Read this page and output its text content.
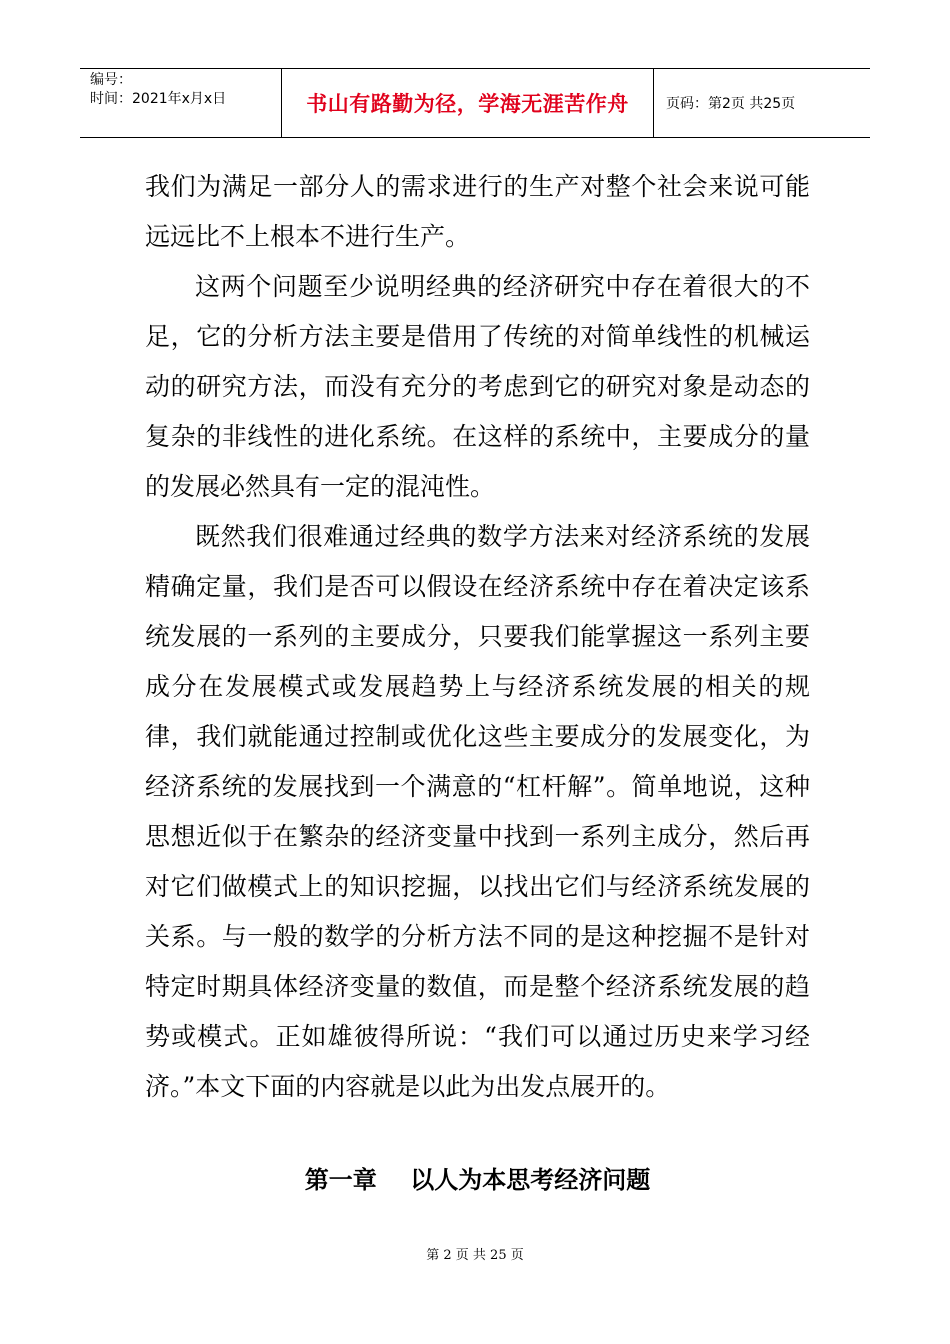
编号：
时间：2021年x月x日	书山有路勤为径，学海无涯苦作舟	页码：第2页 共25页

我们为满足一部分人的需求进行的生产对整个社会来说可能远远比不上根本不进行生产。

这两个问题至少说明经典的经济研究中存在着很大的不足，它的分析方法主要是借用了传统的对简单线性的机械运动的研究方法，而没有充分的考虑到它的研究对象是动态的复杂的非线性的进化系统。在这样的系统中，主要成分的量的发展必然具有一定的混沌性。

既然我们很难通过经典的数学方法来对经济系统的发展精确定量，我们是否可以假设在经济系统中存在着决定该系统发展的一系列的主要成分，只要我们能掌握这一系列主要成分在发展模式或发展趋势上与经济系统发展的相关的规律，我们就能通过控制或优化这些主要成分的发展变化，为经济系统的发展找到一个满意的“杠杆解”。简单地说，这种思想近似于在繁杂的经济变量中找到一系列主成分，然后再对它们做模式上的知识挖掘，以找出它们与经济系统发展的关系。与一般的数学的分析方法不同的是这种挖掘不是针对特定时期具体经济变量的数值，而是整个经济系统发展的趋势或模式。正如雄彼得所说：“我们可以通过历史来学习经济。”本文下面的内容就是以此为出发点展开的。

第一章    以人为本思考经济问题
第 2 页 共 25 页
